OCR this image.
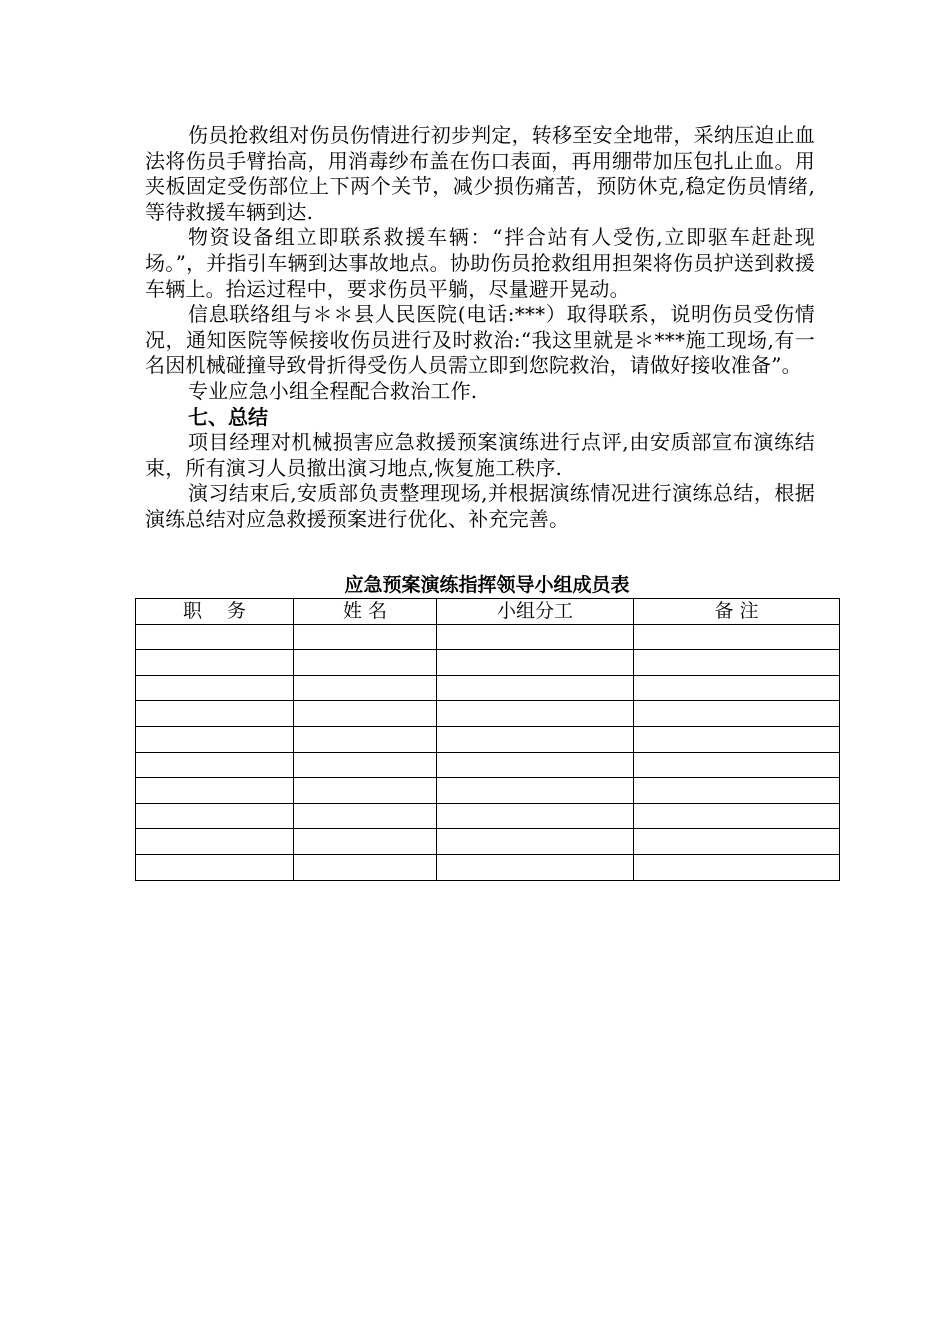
伤员抢救组对伤员伤情进行初步判定，转移至安全地带，采纳压迫止血法将伤员手臂抬高，用消毒纱布盖在伤口表面，再用绷带加压包扎止血。用夹板固定受伤部位上下两个关节，减少损伤痛苦，预防休克,稳定伤员情绪,等待救援车辆到达.

物资设备组立即联系救援车辆：“拌合站有人受伤,立即驱车赶赴现场。”，并指引车辆到达事故地点。协助伤员抢救组用担架将伤员护送到救援车辆上。抬运过程中，要求伤员平躺，尽量避开晃动。

信息联络组与＊＊县人民医院(电话:***）取得联系，说明伤员受伤情况，通知医院等候接收伤员进行及时救治:“我这里就是＊***施工现场,有一名因机械碰撞导致骨折得受伤人员需立即到您院救治，请做好接收准备”。

专业应急小组全程配合救治工作.

七、总结

项目经理对机械损害应急救援预案演练进行点评,由安质部宣布演练结束，所有演习人员撤出演习地点,恢复施工秩序.

演习结束后,安质部负责整理现场,并根据演练情况进行演练总结，根据演练总结对应急救援预案进行优化、补充完善。

应急预案演练指挥领导小组成员表
职　 务	姓 名	小组分工	备 注
